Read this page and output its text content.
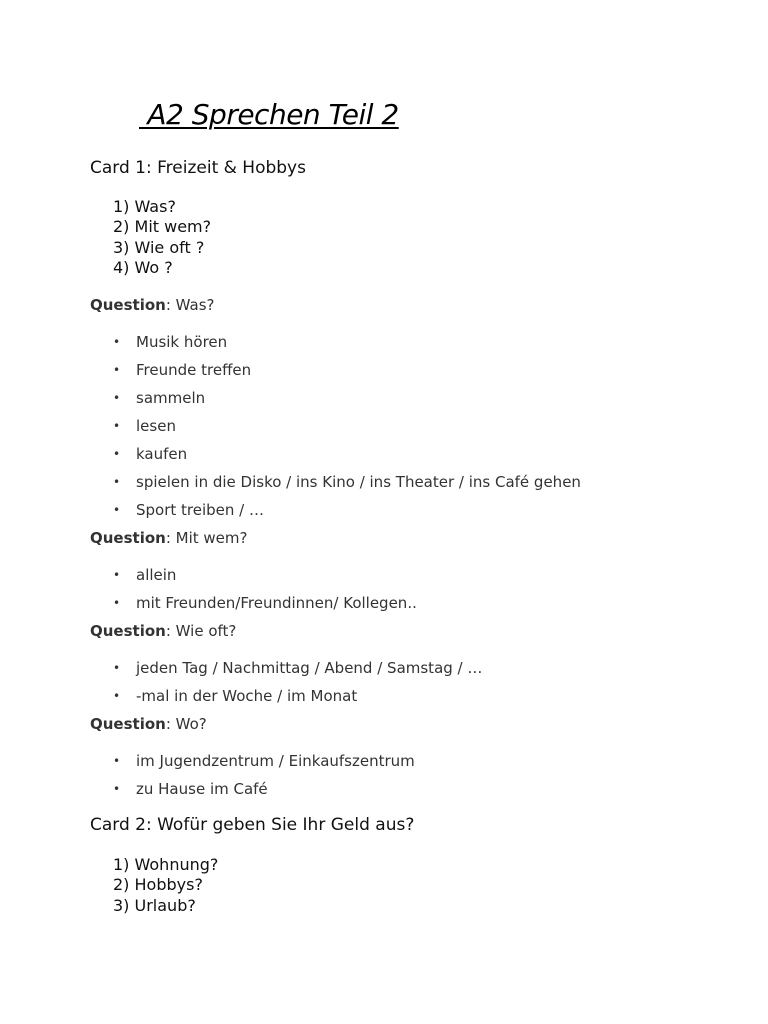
A2 Sprechen Teil 2
Card 1: Freizeit & Hobbys
1) Was?
2) Mit wem?
3) Wie oft ?
4) Wo ?
Question: Was?
• Musik hören
• Freunde treffen
• sammeln
• lesen
• kaufen
• spielen in die Disko / ins Kino / ins Theater / ins Café gehen
• Sport treiben / …
Question: Mit wem?
• allein
• mit Freunden/Freundinnen/ Kollegen..
Question: Wie oft?
• jeden Tag / Nachmittag / Abend / Samstag / …
• -mal in der Woche / im Monat
Question: Wo?
• im Jugendzentrum / Einkaufszentrum
• zu Hause im Café
Card 2: Wofür geben Sie Ihr Geld aus?
1) Wohnung?
2) Hobbys?
3) Urlaub?
